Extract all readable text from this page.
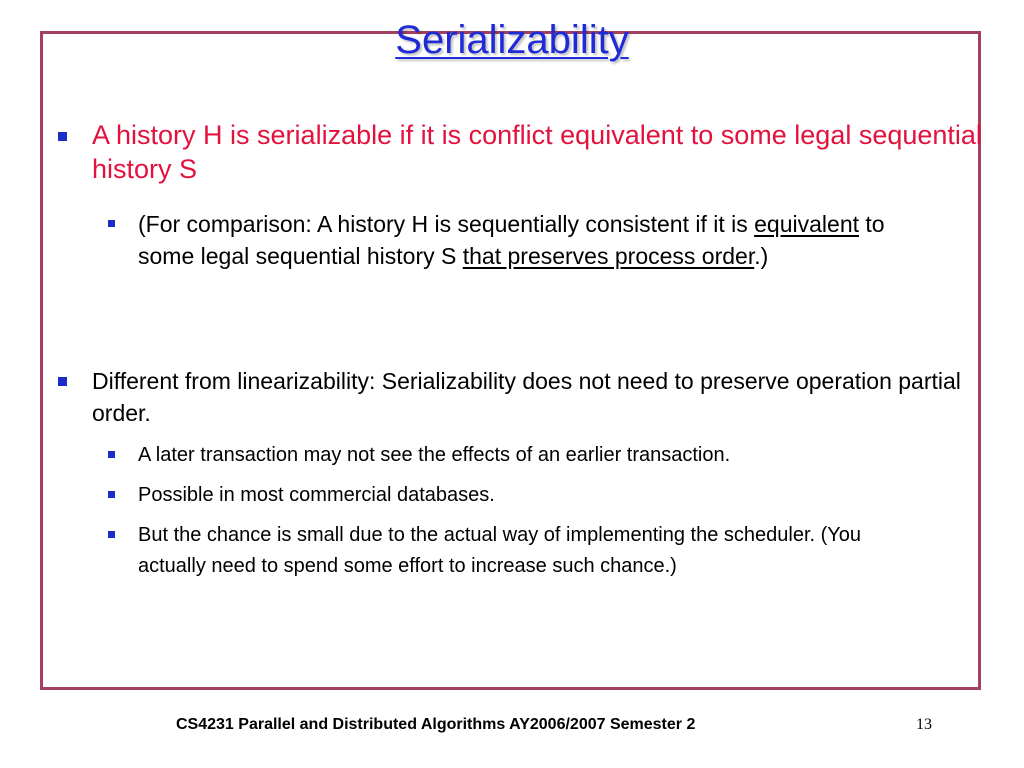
Serializability
A history H is serializable if it is conflict equivalent to some legal sequential history S
(For comparison: A history H is sequentially consistent if it is equivalent to some legal sequential history S that preserves process order.)
Different from linearizability: Serializability does not need to preserve operation partial order.
A later transaction may not see the effects of an earlier transaction.
Possible in most commercial databases.
But the chance is small due to the actual way of implementing the scheduler. (You actually need to spend some effort to increase such chance.)
CS4231 Parallel and Distributed Algorithms AY2006/2007 Semester 2	13
